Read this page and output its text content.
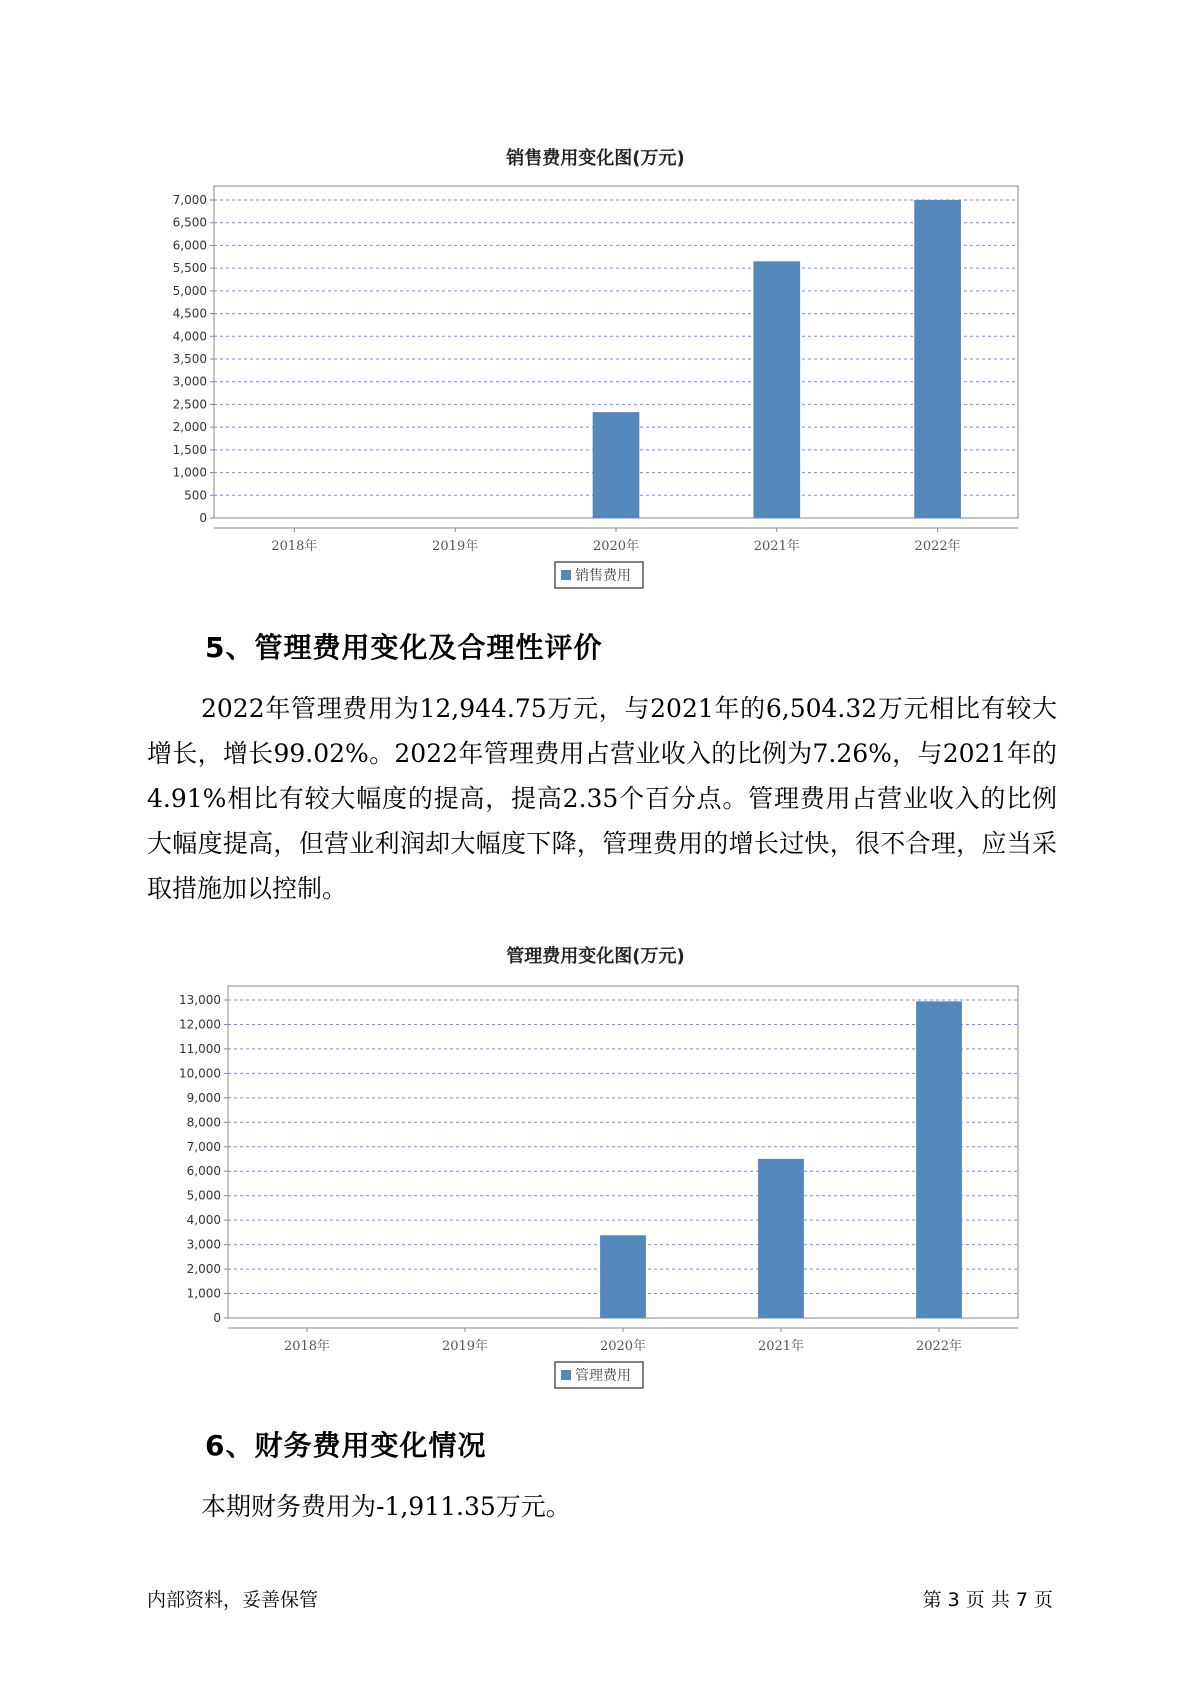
销售费用变化图(万元)
0
500
1,000
1,500
2,000
2,500
3,000
3,500
4,000
4,500
5,000
5,500
6,000
6,500
7,000
2018年	2019年	2020年	2021年	2022年
销售费用
5、管理费用变化及合理性评价
2022年管理费用为12,944.75万元，与2021年的6,504.32万元相比有较大增长，增长99.02%。2022年管理费用占营业收入的比例为7.26%，与2021年的4.91%相比有较大幅度的提高，提高2.35个百分点。管理费用占营业收入的比例大幅度提高，但营业利润却大幅度下降，管理费用的增长过快，很不合理，应当采取措施加以控制。
管理费用变化图(万元)
0
1,000
2,000
3,000
4,000
5,000
6,000
7,000
8,000
9,000
10,000
11,000
12,000
13,000
2018年	2019年	2020年	2021年	2022年
管理费用
6、财务费用变化情况
本期财务费用为-1,911.35万元。
内部资料，妥善保管	第 3 页 共 7 页
